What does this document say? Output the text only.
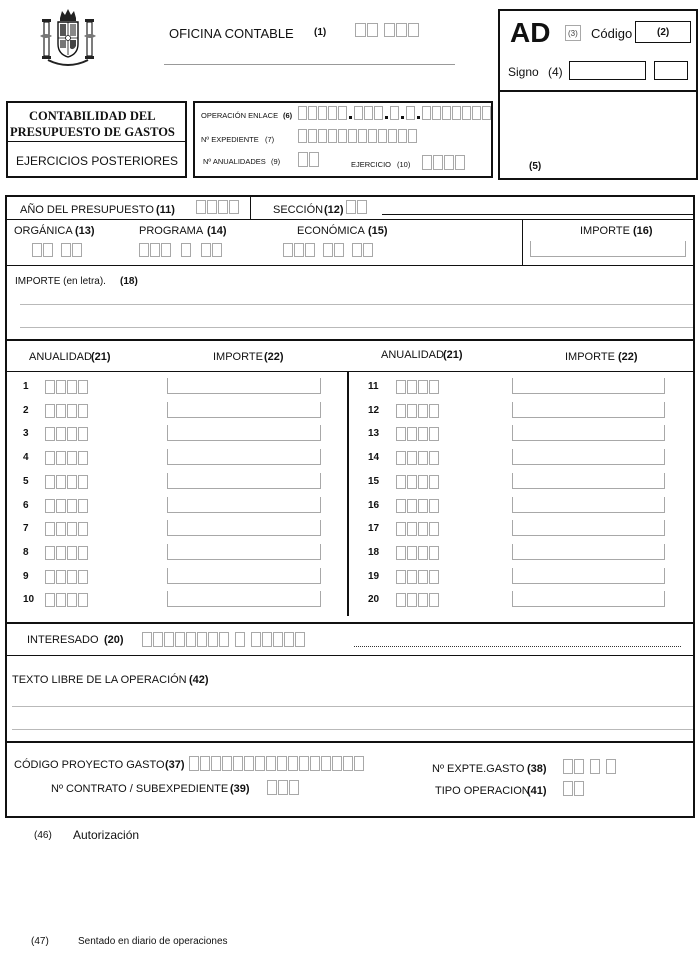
OFICINA CONTABLE (1)	AD (3) Código (2)
Signo (4)
(5)
CONTABILIDAD DEL
PRESUPUESTO DE GASTOS
EJERCICIOS POSTERIORES
OPERACIÓN ENLACE (6)
Nº EXPEDIENTE (7)
Nº ANUALIDADES (9)	EJERCICIO (10)
AÑO DEL PRESUPUESTO (11)	SECCIÓN (12)
ORGÁNICA (13)	PROGRAMA (14)	ECONÓMICA (15)	IMPORTE (16)
IMPORTE (en letra). (18)
ANUALIDAD (21)	IMPORTE (22)	ANUALIDAD (21)	IMPORTE (22)
1
2
3
4
5
6
7
8
9
10
11
12
13
14
15
16
17
18
19
20
INTERESADO (20)
TEXTO LIBRE DE LA OPERACIÓN (42)
CÓDIGO PROYECTO GASTO (37)	Nº EXPTE.GASTO (38)
Nº CONTRATO / SUBEXPEDIENTE (39)	TIPO OPERACION
(41)
(46) Autorización
(47)	Sentado en diario de operaciones
